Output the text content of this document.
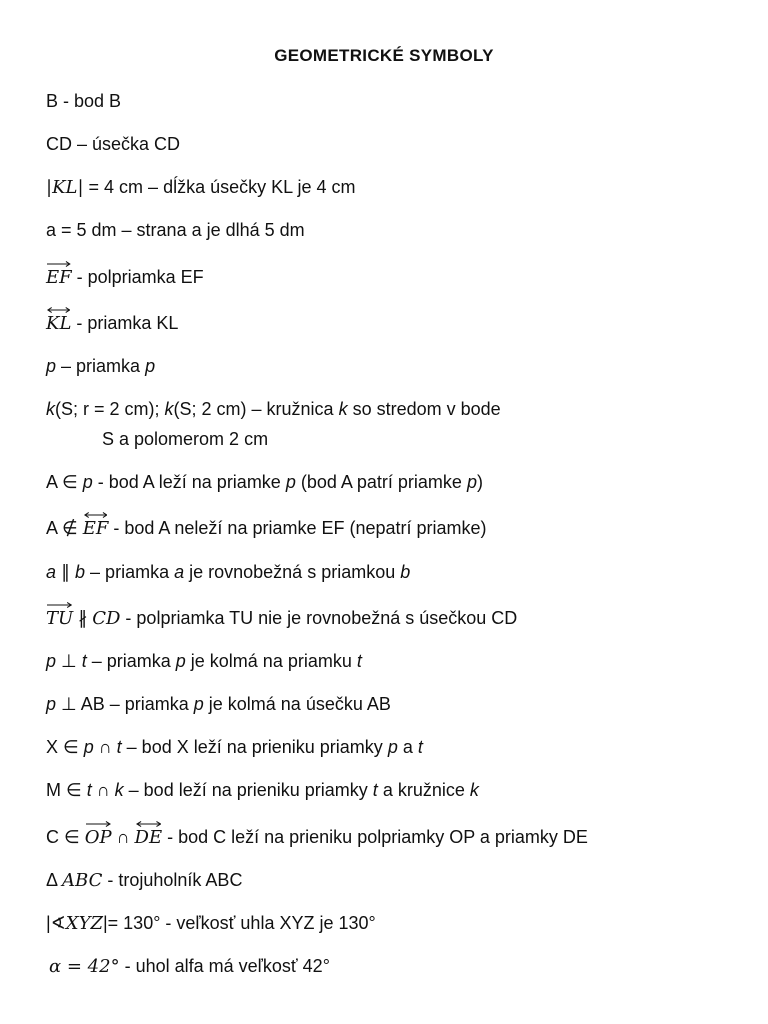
GEOMETRICKÉ SYMBOLY
B - bod B
CD – úsečka CD
|KL| = 4 cm – dĺžka úsečky KL je 4 cm
a = 5 dm – strana a je dlhá 5 dm
EF - polpriamka EF
KL - priamka KL
p – priamka p
k(S; r = 2 cm); k(S; 2 cm) – kružnica k so stredom v bode
S a polomerom 2 cm
A ∈ p - bod A leží na priamke p (bod A patrí priamke p)
A ∉
EF - bod A neleží na priamke EF (nepatrí priamke)
a ∥ b – priamka a je rovnobežná s priamkou b
TU ∦ CD - polpriamka TU nie je rovnobežná s úsečkou CD
p ⊥ t – priamka p je kolmá na priamku t
p ⊥ AB – priamka p je kolmá na úsečku AB
X ∈ p ∩ t – bod X leží na prieniku priamky p a t
M ∈ t ∩ k – bod leží na prieniku priamky t a kružnice k
C ∈
OP ∩
DE - bod C leží na prieniku polpriamky OP a priamky DE
Δ ABC - trojuholník ABC
|∢XYZ|= 130° - veľkosť uhla XYZ je 130°
α = 42° - uhol alfa má veľkosť 42°
